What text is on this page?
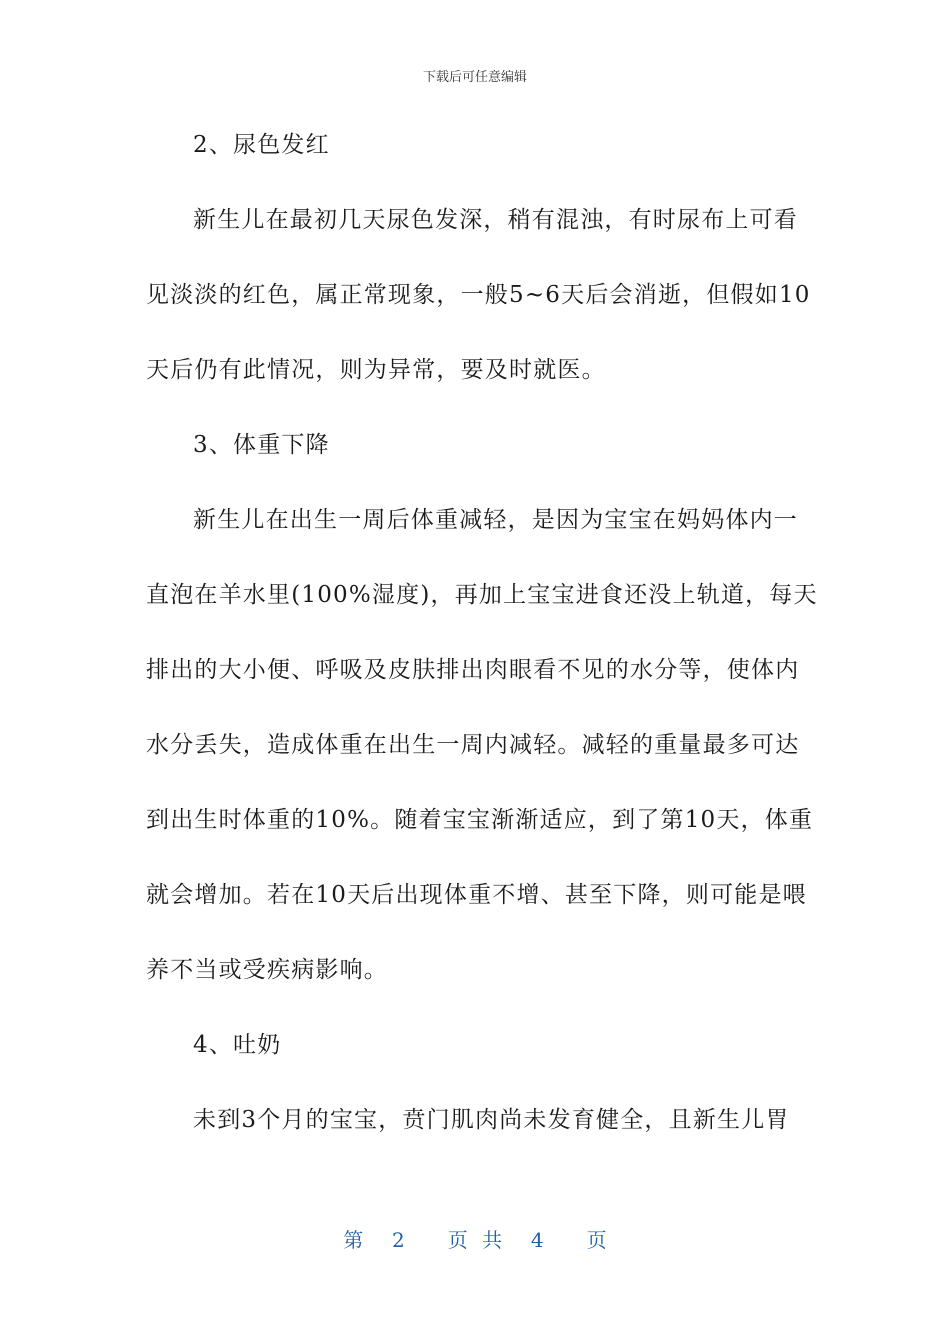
下载后可任意编辑
2、尿色发红
新生儿在最初几天尿色发深，稍有混浊，有时尿布上可看
见淡淡的红色，属正常现象，一般5~6天后会消逝，但假如10
天后仍有此情况，则为异常，要及时就医。
3、体重下降
新生儿在出生一周后体重减轻，是因为宝宝在妈妈体内一
直泡在羊水里(100%湿度)，再加上宝宝进食还没上轨道，每天
排出的大小便、呼吸及皮肤排出肉眼看不见的水分等，使体内
水分丢失，造成体重在出生一周内减轻。减轻的重量最多可达
到出生时体重的10%。随着宝宝渐渐适应，到了第10天，体重
就会增加。若在10天后出现体重不增、甚至下降，则可能是喂
养不当或受疾病影响。
4、吐奶
未到3个月的宝宝，贲门肌肉尚未发育健全，且新生儿胃
第  2   页 共  4   页
